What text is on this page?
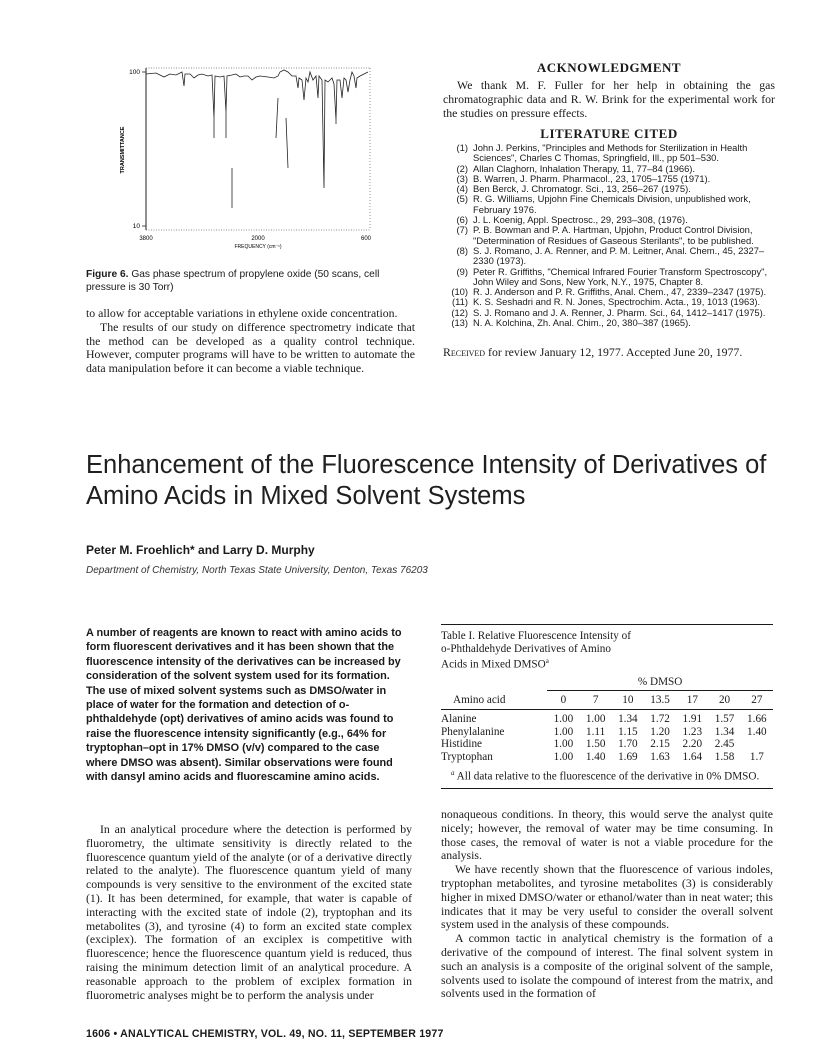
100
10
TRANSMITTANCE
3800	2000	600
FREQUENCY (cm⁻¹)
Figure 6. Gas phase spectrum of propylene oxide (50 scans, cell pressure is 30 Torr)

to allow for acceptable variations in ethylene oxide concentration.

The results of our study on difference spectrometry indicate that the method can be developed as a quality control technique. However, computer programs will have to be written to automate the data manipulation before it can become a viable technique.

ACKNOWLEDGMENT
We thank M. F. Fuller for her help in obtaining the gas chromatographic data and R. W. Brink for the experimental work for the studies on pressure effects.
LITERATURE CITED
(1) John J. Perkins, "Principles and Methods for Sterilization in Health Sciences", Charles C Thomas, Springfield, Ill., pp 501–530.
(2) Allan Claghorn, Inhalation Therapy, 11, 77–84 (1966).
(3) B. Warren, J. Pharm. Pharmacol., 23, 1705–1755 (1971).
(4) Ben Berck, J. Chromatogr. Sci., 13, 256–267 (1975).
(5) R. G. Williams, Upjohn Fine Chemicals Division, unpublished work, February 1976.
(6) J. L. Koenig, Appl. Spectrosc., 29, 293–308, (1976).
(7) P. B. Bowman and P. A. Hartman, Upjohn, Product Control Division, "Determination of Residues of Gaseous Sterilants", to be published.
(8) S. J. Romano, J. A. Renner, and P. M. Leitner, Anal. Chem., 45, 2327–2330 (1973).
(9) Peter R. Griffiths, "Chemical Infrared Fourier Transform Spectroscopy", John Wiley and Sons, New York, N.Y., 1975, Chapter 8.
(10) R. J. Anderson and P. R. Griffiths, Anal. Chem., 47, 2339–2347 (1975).
(11) K. S. Seshadri and R. N. Jones, Spectrochim. Acta., 19, 1013 (1963).
(12) S. J. Romano and J. A. Renner, J. Pharm. Sci., 64, 1412–1417 (1975).
(13) N. A. Kolchina, Zh. Anal. Chim., 20, 380–387 (1965).
Received for review January 12, 1977. Accepted June 20, 1977.
Enhancement of the Fluorescence Intensity of Derivatives of Amino Acids in Mixed Solvent Systems
Peter M. Froehlich* and Larry D. Murphy
Department of Chemistry, North Texas State University, Denton, Texas 76203
A number of reagents are known to react with amino acids to form fluorescent derivatives and it has been shown that the fluorescence intensity of the derivatives can be increased by consideration of the solvent system used for its formation. The use of mixed solvent systems such as DMSO/water in place of water for the formation and detection of o-phthaldehyde (opt) derivatives of amino acids was found to raise the fluorescence intensity significantly (e.g., 64% for tryptophan–opt in 17% DMSO (v/v) compared to the case where DMSO was absent). Similar observations were found with dansyl amino acids and fluorescamine amino acids.
Table I. Relative Fluorescence Intensity of
o-Phthaldehyde Derivatives of Amino
Acids in Mixed DMSO$^a$
	% DMSO						
Amino acid	0	7	10	13.5	17	20	27
Alanine	1.00	1.00	1.34	1.72	1.91	1.57	1.66
Phenylalanine	1.00	1.11	1.15	1.20	1.23	1.34	1.40
Histidine	1.00	1.50	1.70	2.15	2.20	2.45	
Tryptophan	1.00	1.40	1.69	1.63	1.64	1.58	1.7
$^a$ All data relative to the fluorescence of the derivative in 0% DMSO.
In an analytical procedure where the detection is performed by fluorometry, the ultimate sensitivity is directly related to the fluorescence quantum yield of the analyte (or of a derivative directly related to the analyte). The fluorescence quantum yield of many compounds is very sensitive to the environment of the excited state (1). It has been determined, for example, that water is capable of interacting with the excited state of indole (2), tryptophan and its metabolites (3), and tyrosine (4) to form an excited state complex (exciplex). The formation of an exciplex is competitive with fluorescence; hence the fluorescence quantum yield is reduced, thus raising the minimum detection limit of an analytical procedure. A reasonable approach to the problem of exciplex formation in fluorometric analyses might be to perform the analysis under

nonaqueous conditions. In theory, this would serve the analyst quite nicely; however, the removal of water may be time consuming. In those cases, the removal of water is not a viable procedure for the analysis.

We have recently shown that the fluorescence of various indoles, tryptophan metabolites, and tyrosine metabolites (3) is considerably higher in mixed DMSO/water or ethanol/water than in neat water; this indicates that it may be very useful to consider the overall solvent system used in the analysis of these compounds.

A common tactic in analytical chemistry is the formation of a derivative of the compound of interest. The final solvent system in such an analysis is a composite of the original solvent of the sample, solvents used to isolate the compound of interest from the matrix, and solvents used in the formation of

1606 • ANALYTICAL CHEMISTRY, VOL. 49, NO. 11, SEPTEMBER 1977
